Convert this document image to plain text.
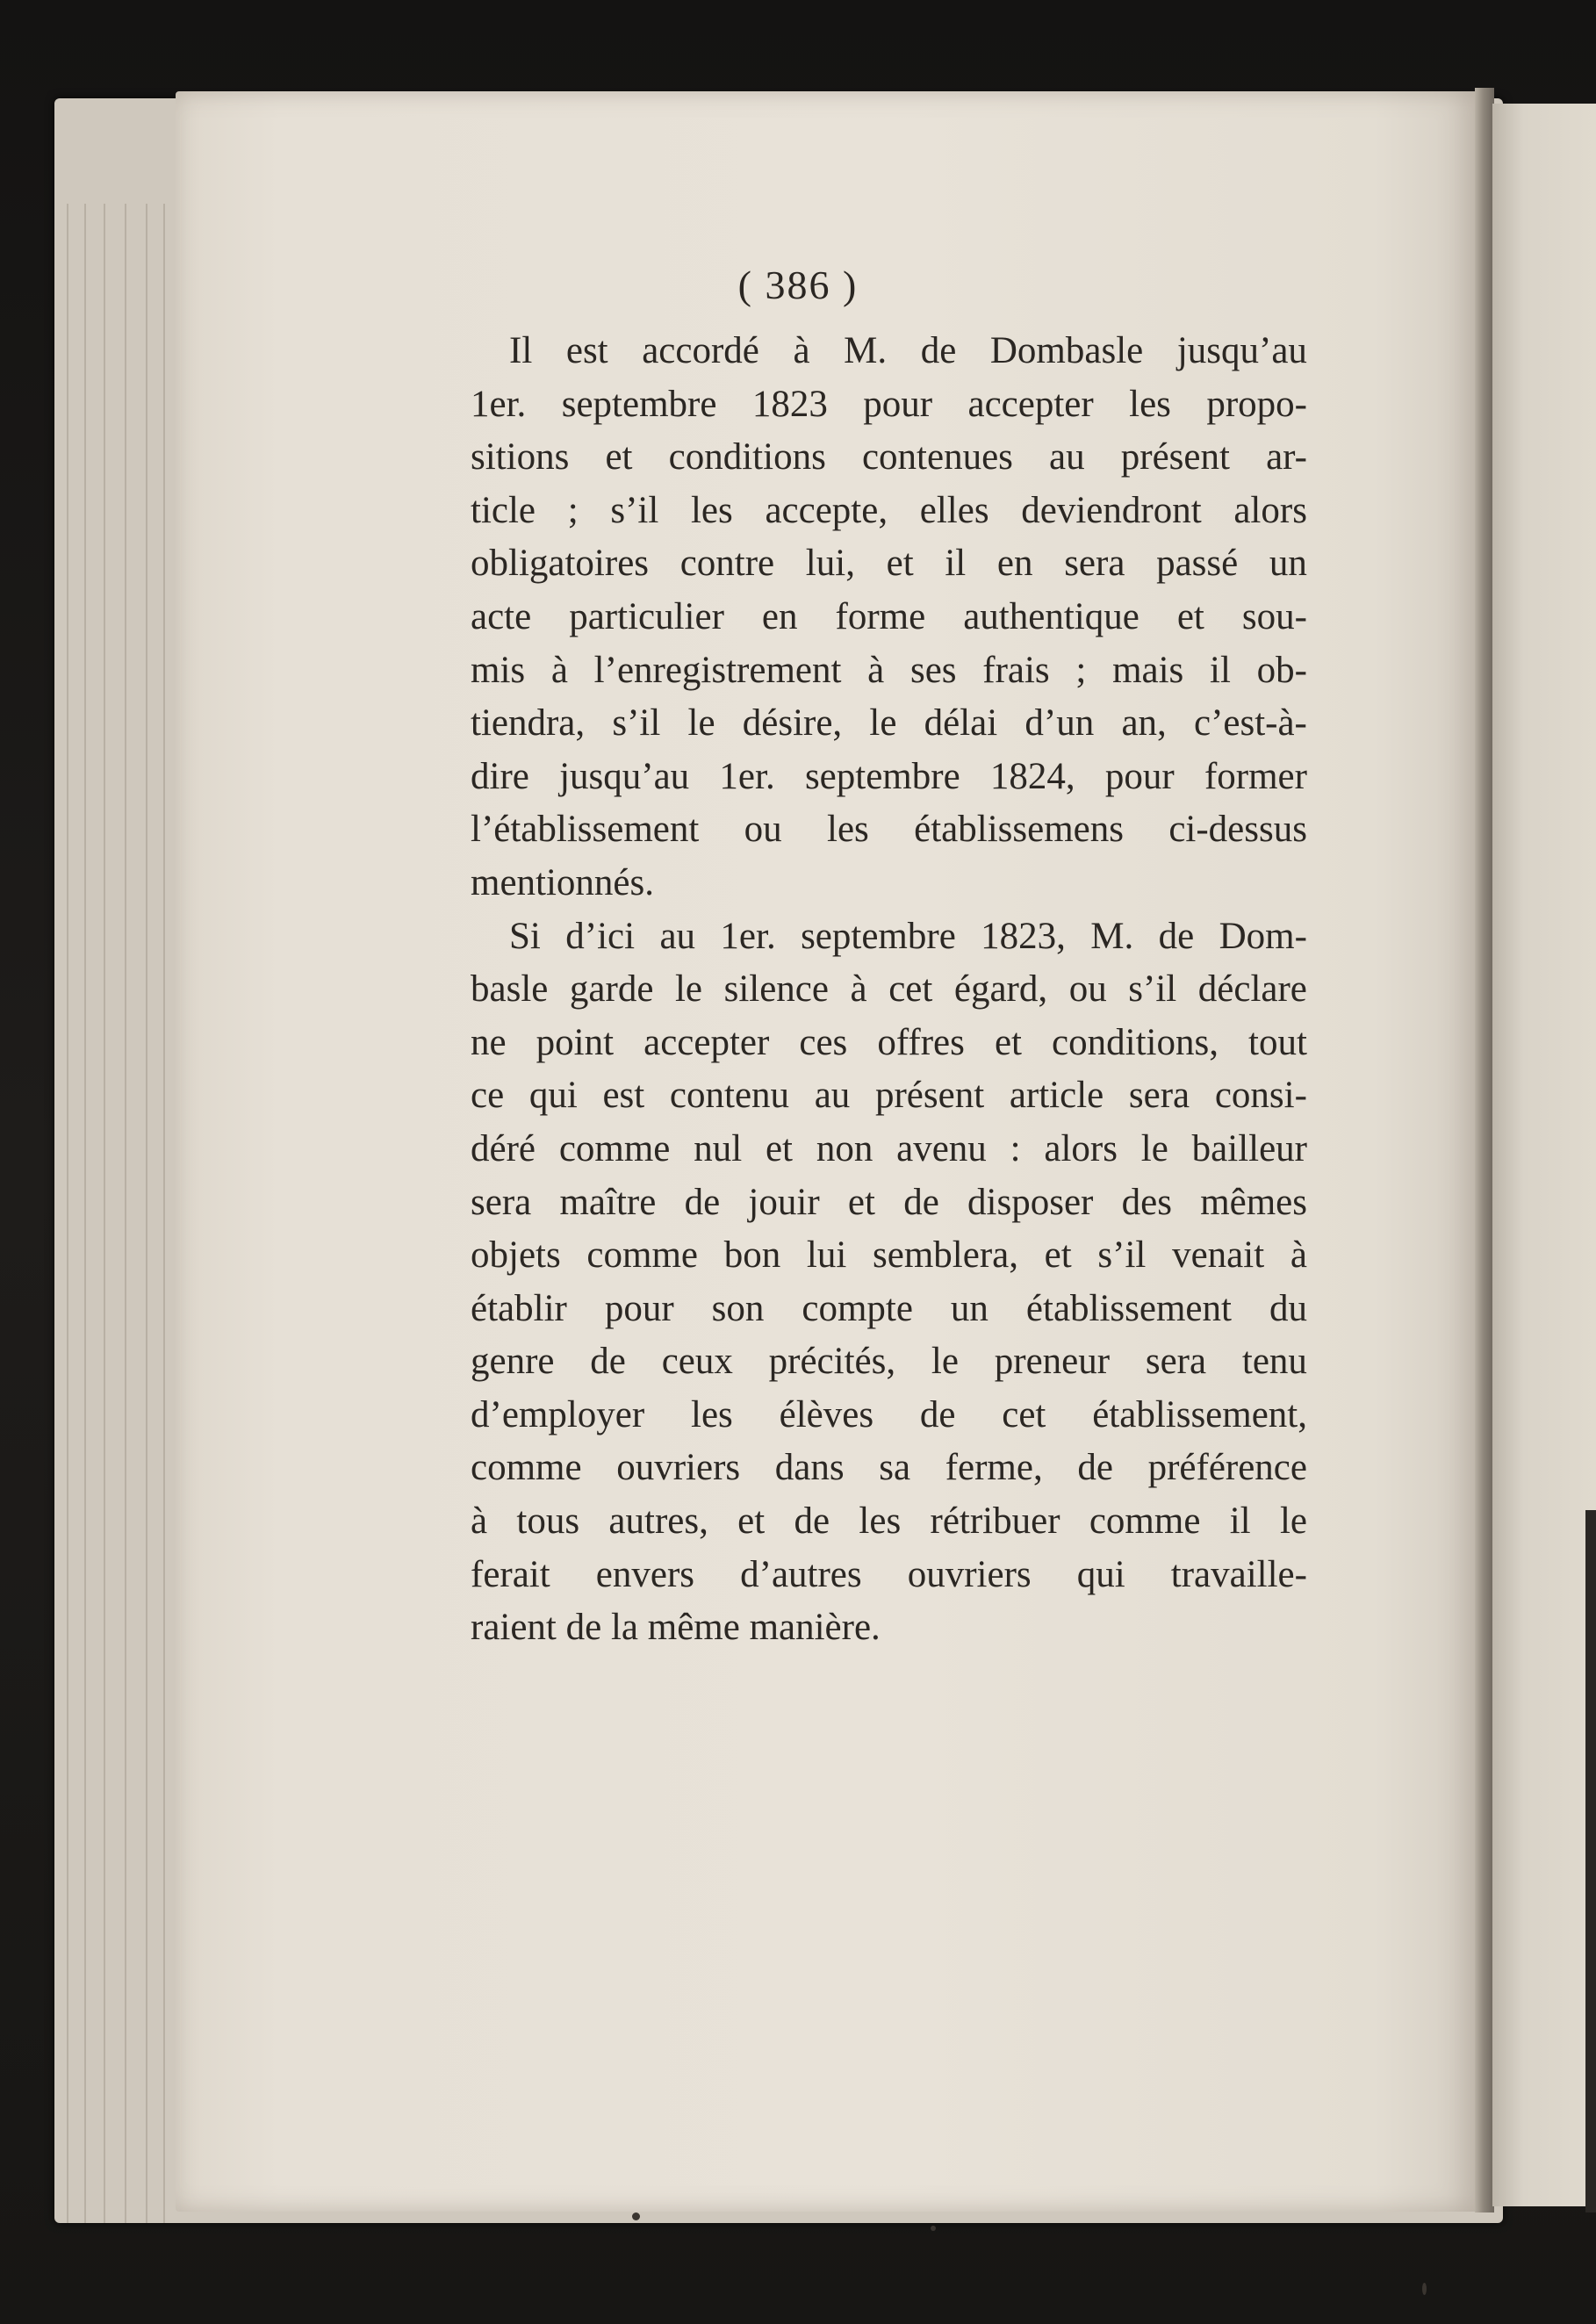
( 386 )
Il est accordé à M. de Dombasle jusqu’au
1er. septembre 1823 pour accepter les propo-
sitions et conditions contenues au présent ar-
ticle ; s’il les accepte, elles deviendront alors
obligatoires contre lui, et il en sera passé un
acte particulier en forme authentique et sou-
mis à l’enregistrement à ses frais ; mais il ob-
tiendra, s’il le désire, le délai d’un an, c’est-à-
dire jusqu’au 1er. septembre 1824, pour former
l’établissement ou les établissemens ci-dessus
mentionnés.
Si d’ici au 1er. septembre 1823, M. de Dom-
basle garde le silence à cet égard, ou s’il déclare
ne point accepter ces offres et conditions, tout
ce qui est contenu au présent article sera consi-
déré comme nul et non avenu : alors le bailleur
sera maître de jouir et de disposer des mêmes
objets comme bon lui semblera, et s’il venait à
établir pour son compte un établissement du
genre de ceux précités, le preneur sera tenu
d’employer les élèves de cet établissement,
comme ouvriers dans sa ferme, de préférence
à tous autres, et de les rétribuer comme il le
ferait envers d’autres ouvriers qui travaille-
raient de la même manière.
